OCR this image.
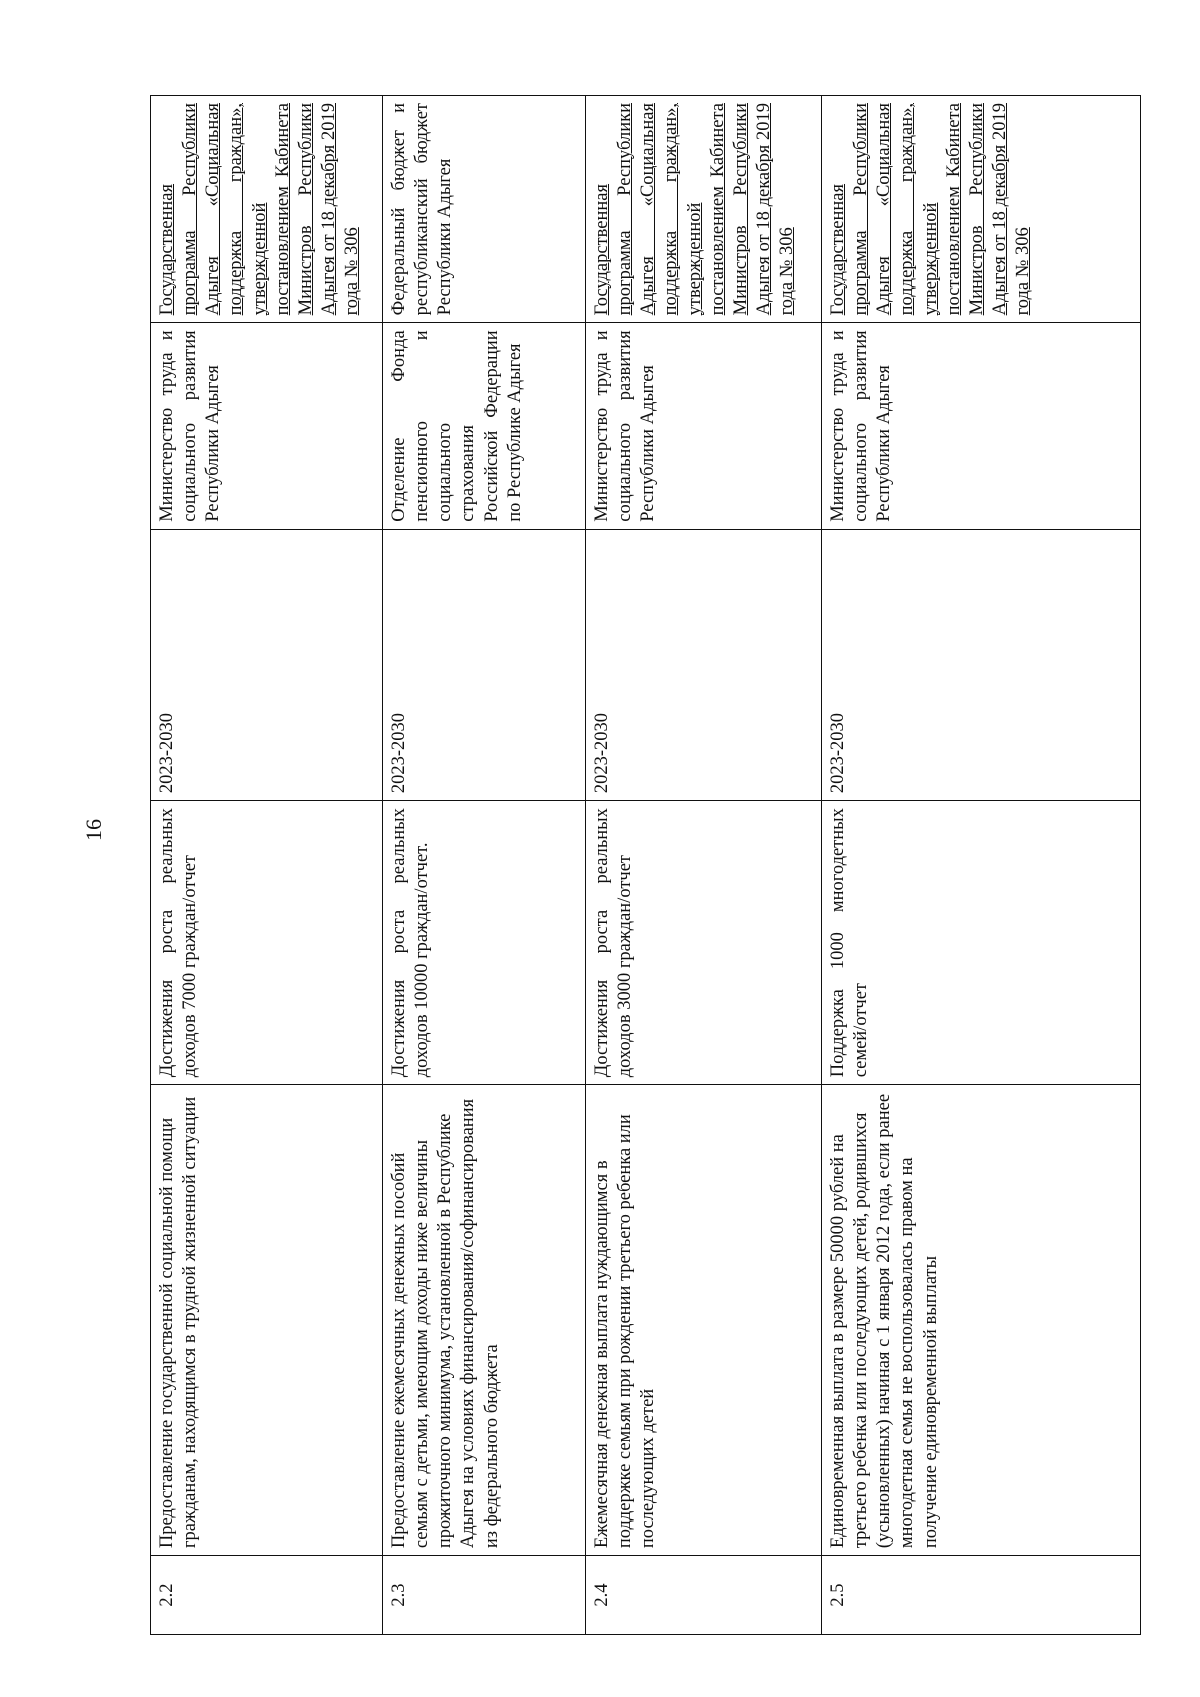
16
2.2	Предоставление государственной социальной помощи гражданам, находящимся в трудной жизненной ситуации	Достижения роста реальных доходов 7000 граждан/отчет	2023-2030	Министерство труда и социального развития Республики Адыгея	Государственная программа Республики Адыгея «Социальная поддержка граждан», утвержденной постановлением Кабинета Министров Республики Адыгея от 18 декабря 2019 года № 306
2.3	Предоставление ежемесячных денежных пособий семьям с детьми, имеющим доходы ниже величины прожиточного минимума, установленной в Республике Адыгея на условиях финансирования/софинансирования из федерального бюджета	Достижения роста реальных доходов 10000 граждан/отчет.	2023-2030	Отделение Фонда пенсионного и социального страхования Российской Федерации по Республике Адыгея	Федеральный бюджет и республиканский бюджет Республики Адыгея
2.4	Ежемесячная денежная выплата нуждающимся в поддержке семьям при рождении третьего ребенка или последующих детей	Достижения роста реальных доходов 3000 граждан/отчет	2023-2030	Министерство труда и социального развития Республики Адыгея	Государственная программа Республики Адыгея «Социальная поддержка граждан», утвержденной постановлением Кабинета Министров Республики Адыгея от 18 декабря 2019 года № 306
2.5	Единовременная выплата в размере 50000 рублей на третьего ребенка или последующих детей, родившихся (усыновленных) начиная с 1 января 2012 года, если ранее многодетная семья не воспользовалась правом на получение единовременной выплаты	Поддержка 1000 многодетных семей/отчет	2023-2030	Министерство труда и социального развития Республики Адыгея	Государственная программа Республики Адыгея «Социальная поддержка граждан», утвержденной постановлением Кабинета Министров Республики Адыгея от 18 декабря 2019 года № 306
